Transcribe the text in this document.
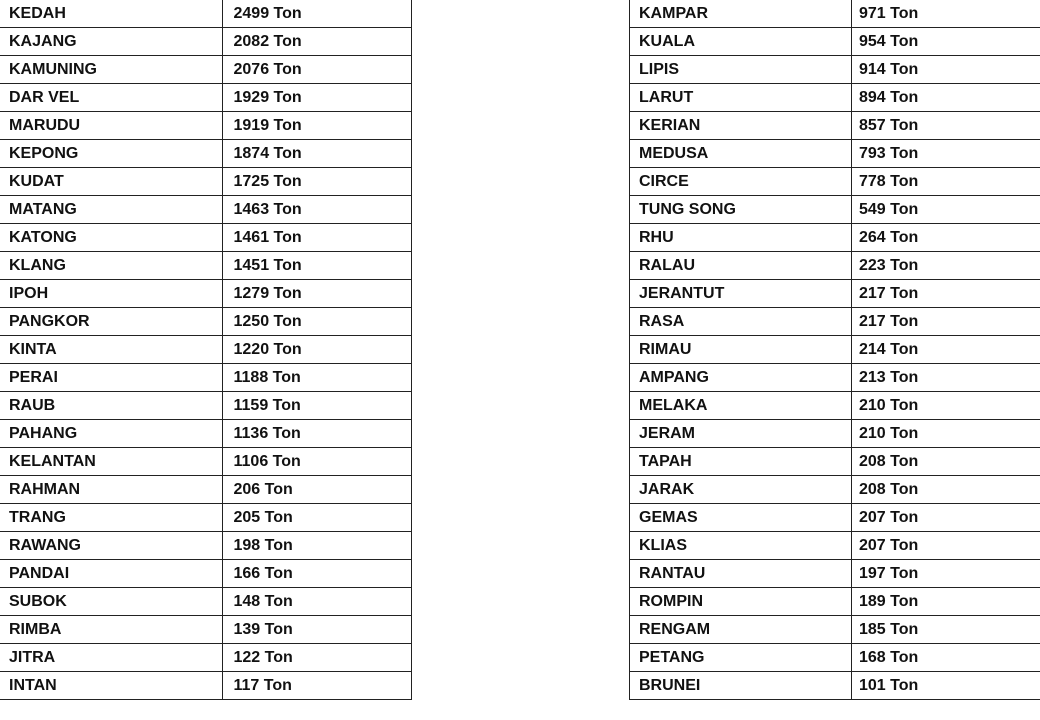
KEDAH	2499 Ton
KAJANG	2082 Ton
KAMUNING	2076 Ton
DAR VEL	1929 Ton
MARUDU	1919 Ton
KEPONG	1874 Ton
KUDAT	1725 Ton
MATANG	1463 Ton
KATONG	1461 Ton
KLANG	1451 Ton
IPOH	1279 Ton
PANGKOR	1250 Ton
KINTA	1220 Ton
PERAI	1188 Ton
RAUB	1159 Ton
PAHANG	1136 Ton
KELANTAN	1106 Ton
RAHMAN	206 Ton
TRANG	205 Ton
RAWANG	198 Ton
PANDAI	166 Ton
SUBOK	148 Ton
RIMBA	139 Ton
JITRA	122 Ton
INTAN	117 Ton
KAMPAR	971 Ton
KUALA	954 Ton
LIPIS	914 Ton
LARUT	894 Ton
KERIAN	857 Ton
MEDUSA	793 Ton
CIRCE	778 Ton
TUNG SONG	549 Ton
RHU	264 Ton
RALAU	223 Ton
JERANTUT	217 Ton
RASA	217 Ton
RIMAU	214 Ton
AMPANG	213 Ton
MELAKA	210 Ton
JERAM	210 Ton
TAPAH	208 Ton
JARAK	208 Ton
GEMAS	207 Ton
KLIAS	207 Ton
RANTAU	197 Ton
ROMPIN	189 Ton
RENGAM	185 Ton
PETANG	168 Ton
BRUNEI	101 Ton
